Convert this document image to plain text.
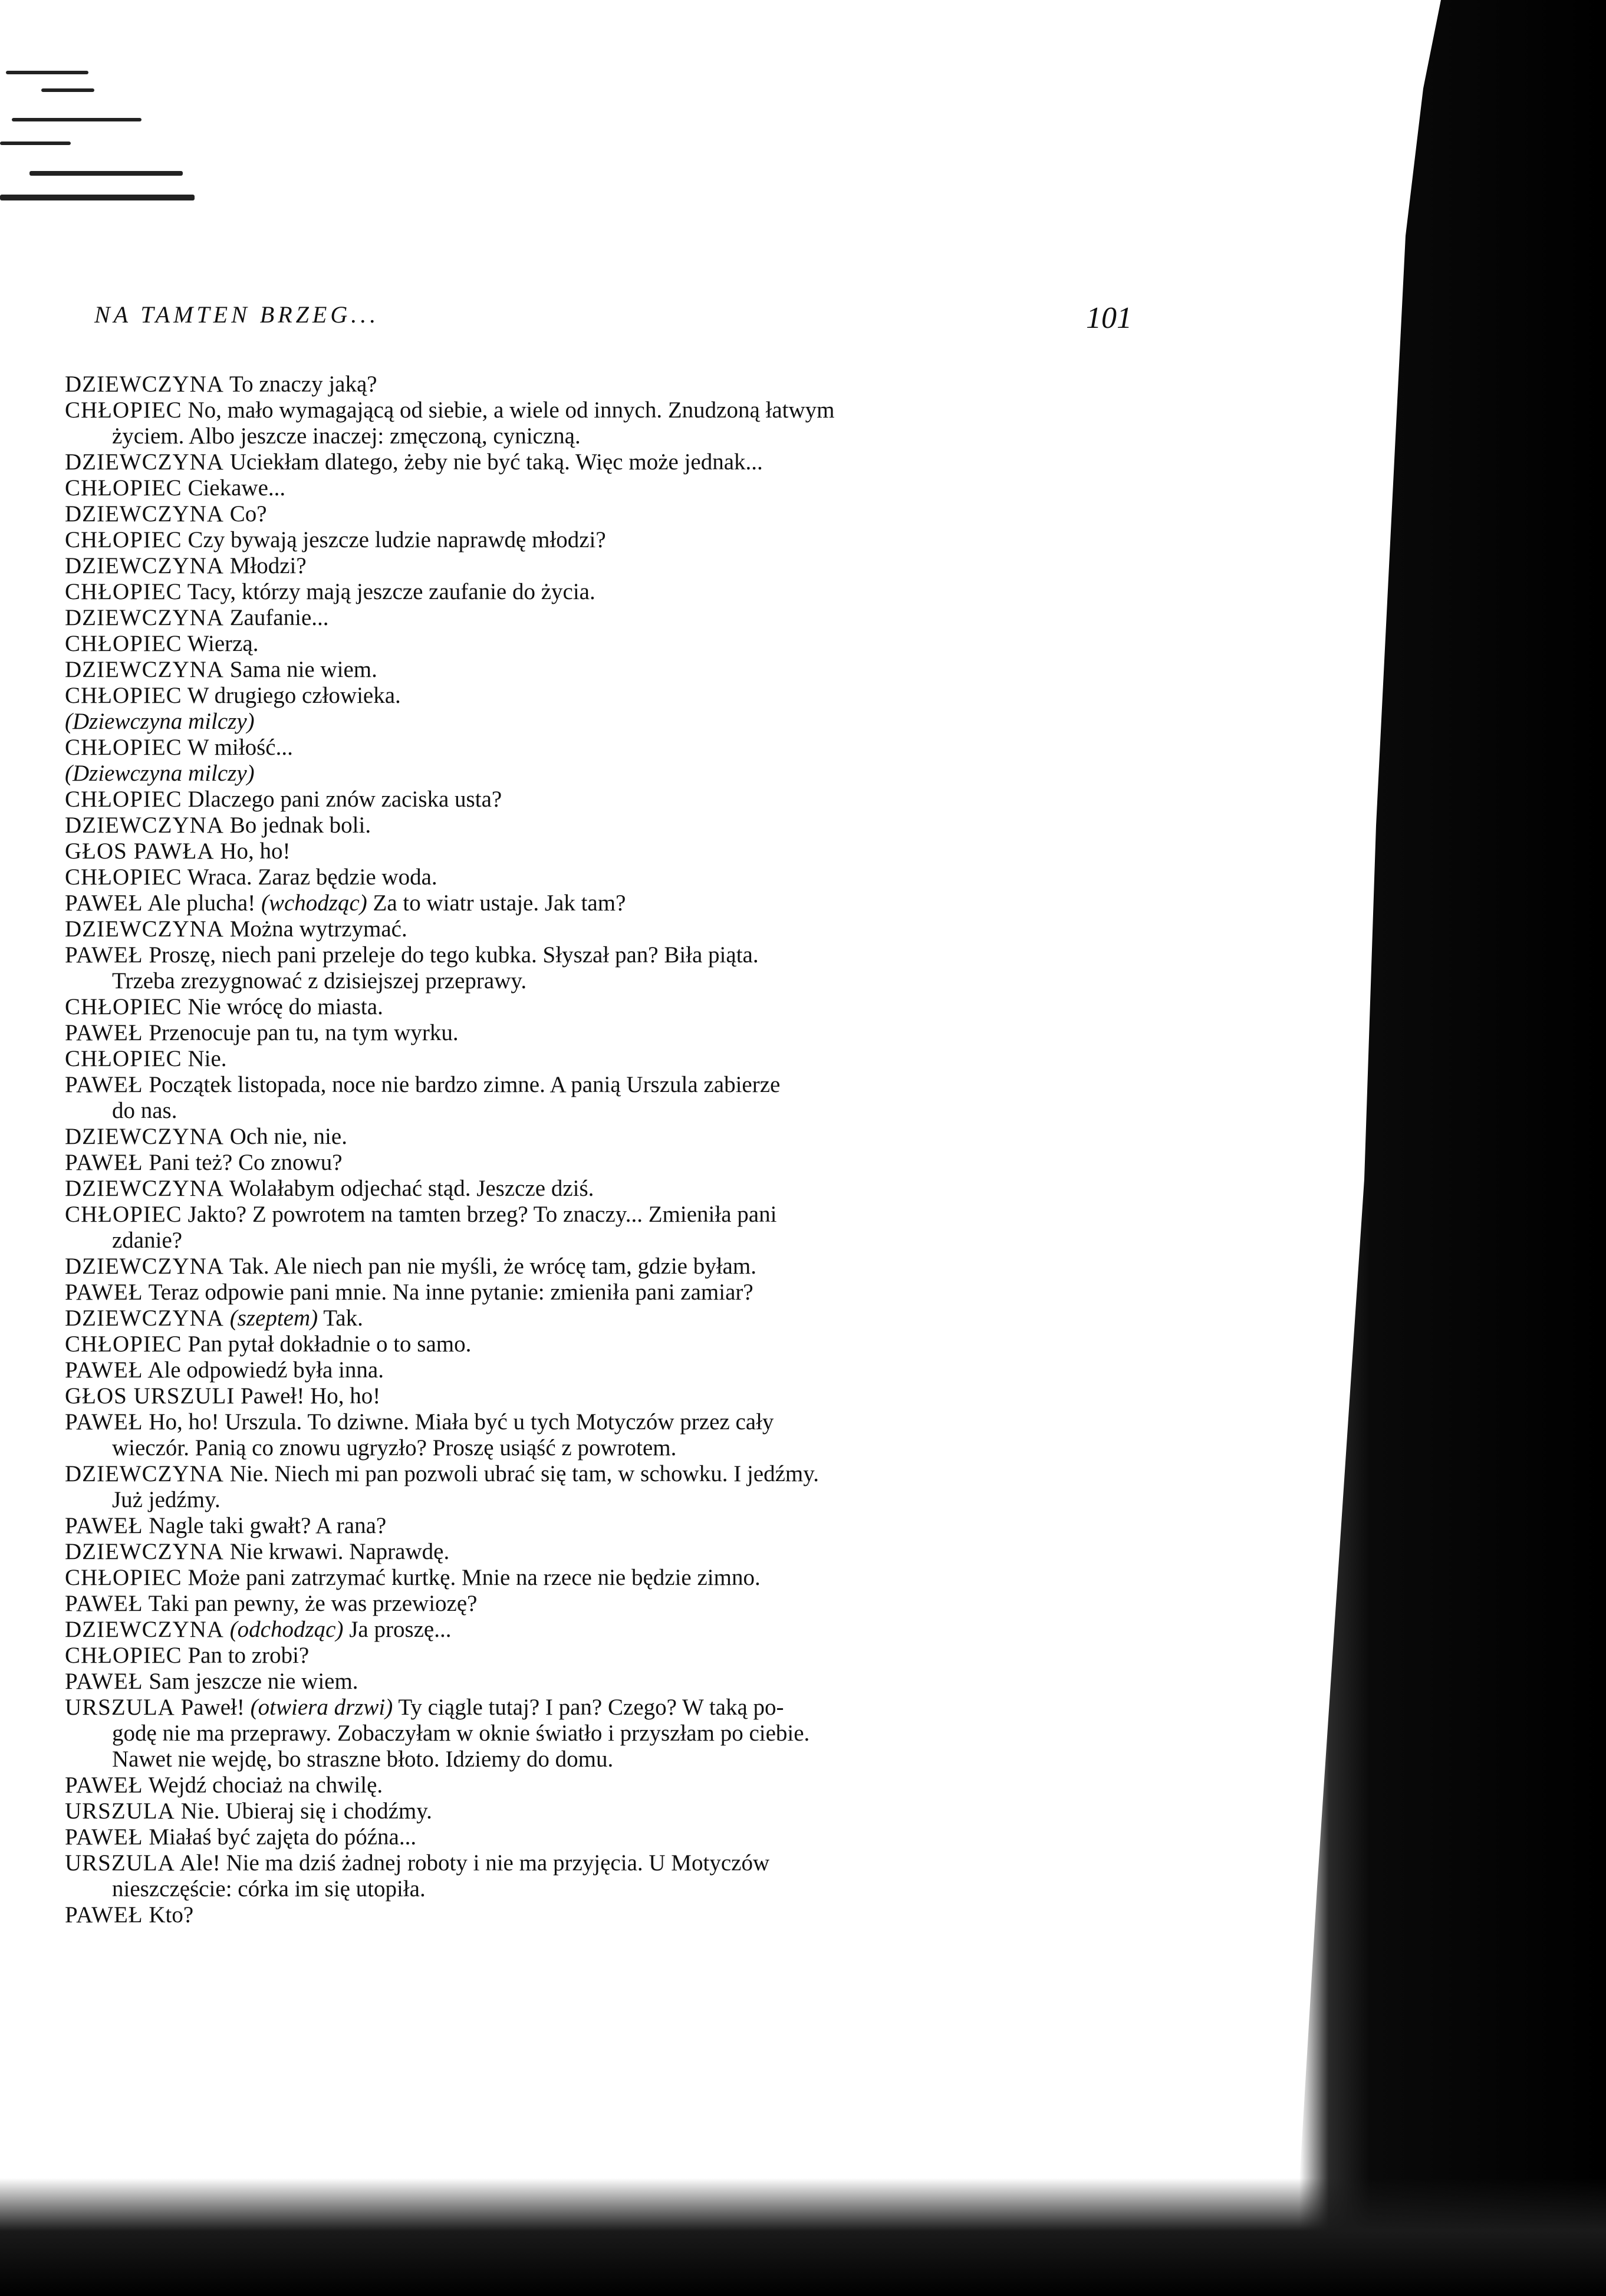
NA TAMTEN BRZEG...	101
DZIEWCZYNA To znaczy jaką?
CHŁOPIEC No, mało wymagającą od siebie, a wiele od innych. Znudzoną łatwym
życiem. Albo jeszcze inaczej: zmęczoną, cyniczną.
DZIEWCZYNA Uciekłam dlatego, żeby nie być taką. Więc może jednak...
CHŁOPIEC Ciekawe...
DZIEWCZYNA Co?
CHŁOPIEC Czy bywają jeszcze ludzie naprawdę młodzi?
DZIEWCZYNA Młodzi?
CHŁOPIEC Tacy, którzy mają jeszcze zaufanie do życia.
DZIEWCZYNA Zaufanie...
CHŁOPIEC Wierzą.
DZIEWCZYNA Sama nie wiem.
CHŁOPIEC W drugiego człowieka.
(Dziewczyna milczy)
CHŁOPIEC W miłość...
(Dziewczyna milczy)
CHŁOPIEC Dlaczego pani znów zaciska usta?
DZIEWCZYNA Bo jednak boli.
GŁOS PAWŁA Ho, ho!
CHŁOPIEC Wraca. Zaraz będzie woda.
PAWEŁ Ale plucha! (wchodząc) Za to wiatr ustaje. Jak tam?
DZIEWCZYNA Można wytrzymać.
PAWEŁ Proszę, niech pani przeleje do tego kubka. Słyszał pan? Biła piąta.
Trzeba zrezygnować z dzisiejszej przeprawy.
CHŁOPIEC Nie wrócę do miasta.
PAWEŁ Przenocuje pan tu, na tym wyrku.
CHŁOPIEC Nie.
PAWEŁ Początek listopada, noce nie bardzo zimne. A panią Urszula zabierze
do nas.
DZIEWCZYNA Och nie, nie.
PAWEŁ Pani też? Co znowu?
DZIEWCZYNA Wolałabym odjechać stąd. Jeszcze dziś.
CHŁOPIEC Jakto? Z powrotem na tamten brzeg? To znaczy... Zmieniła pani
zdanie?
DZIEWCZYNA Tak. Ale niech pan nie myśli, że wrócę tam, gdzie byłam.
PAWEŁ Teraz odpowie pani mnie. Na inne pytanie: zmieniła pani zamiar?
DZIEWCZYNA (szeptem) Tak.
CHŁOPIEC Pan pytał dokładnie o to samo.
PAWEŁ Ale odpowiedź była inna.
GŁOS URSZULI Paweł! Ho, ho!
PAWEŁ Ho, ho! Urszula. To dziwne. Miała być u tych Motyczów przez cały
wieczór. Panią co znowu ugryzło? Proszę usiąść z powrotem.
DZIEWCZYNA Nie. Niech mi pan pozwoli ubrać się tam, w schowku. I jedźmy.
Już jedźmy.
PAWEŁ Nagle taki gwałt? A rana?
DZIEWCZYNA Nie krwawi. Naprawdę.
CHŁOPIEC Może pani zatrzymać kurtkę. Mnie na rzece nie będzie zimno.
PAWEŁ Taki pan pewny, że was przewiozę?
DZIEWCZYNA (odchodząc) Ja proszę...
CHŁOPIEC Pan to zrobi?
PAWEŁ Sam jeszcze nie wiem.
URSZULA Paweł! (otwiera drzwi) Ty ciągle tutaj? I pan? Czego? W taką po-
godę nie ma przeprawy. Zobaczyłam w oknie światło i przyszłam po ciebie.
Nawet nie wejdę, bo straszne błoto. Idziemy do domu.
PAWEŁ Wejdź chociaż na chwilę.
URSZULA Nie. Ubieraj się i chodźmy.
PAWEŁ Miałaś być zajęta do późna...
URSZULA Ale! Nie ma dziś żadnej roboty i nie ma przyjęcia. U Motyczów
nieszczęście: córka im się utopiła.
PAWEŁ Kto?
